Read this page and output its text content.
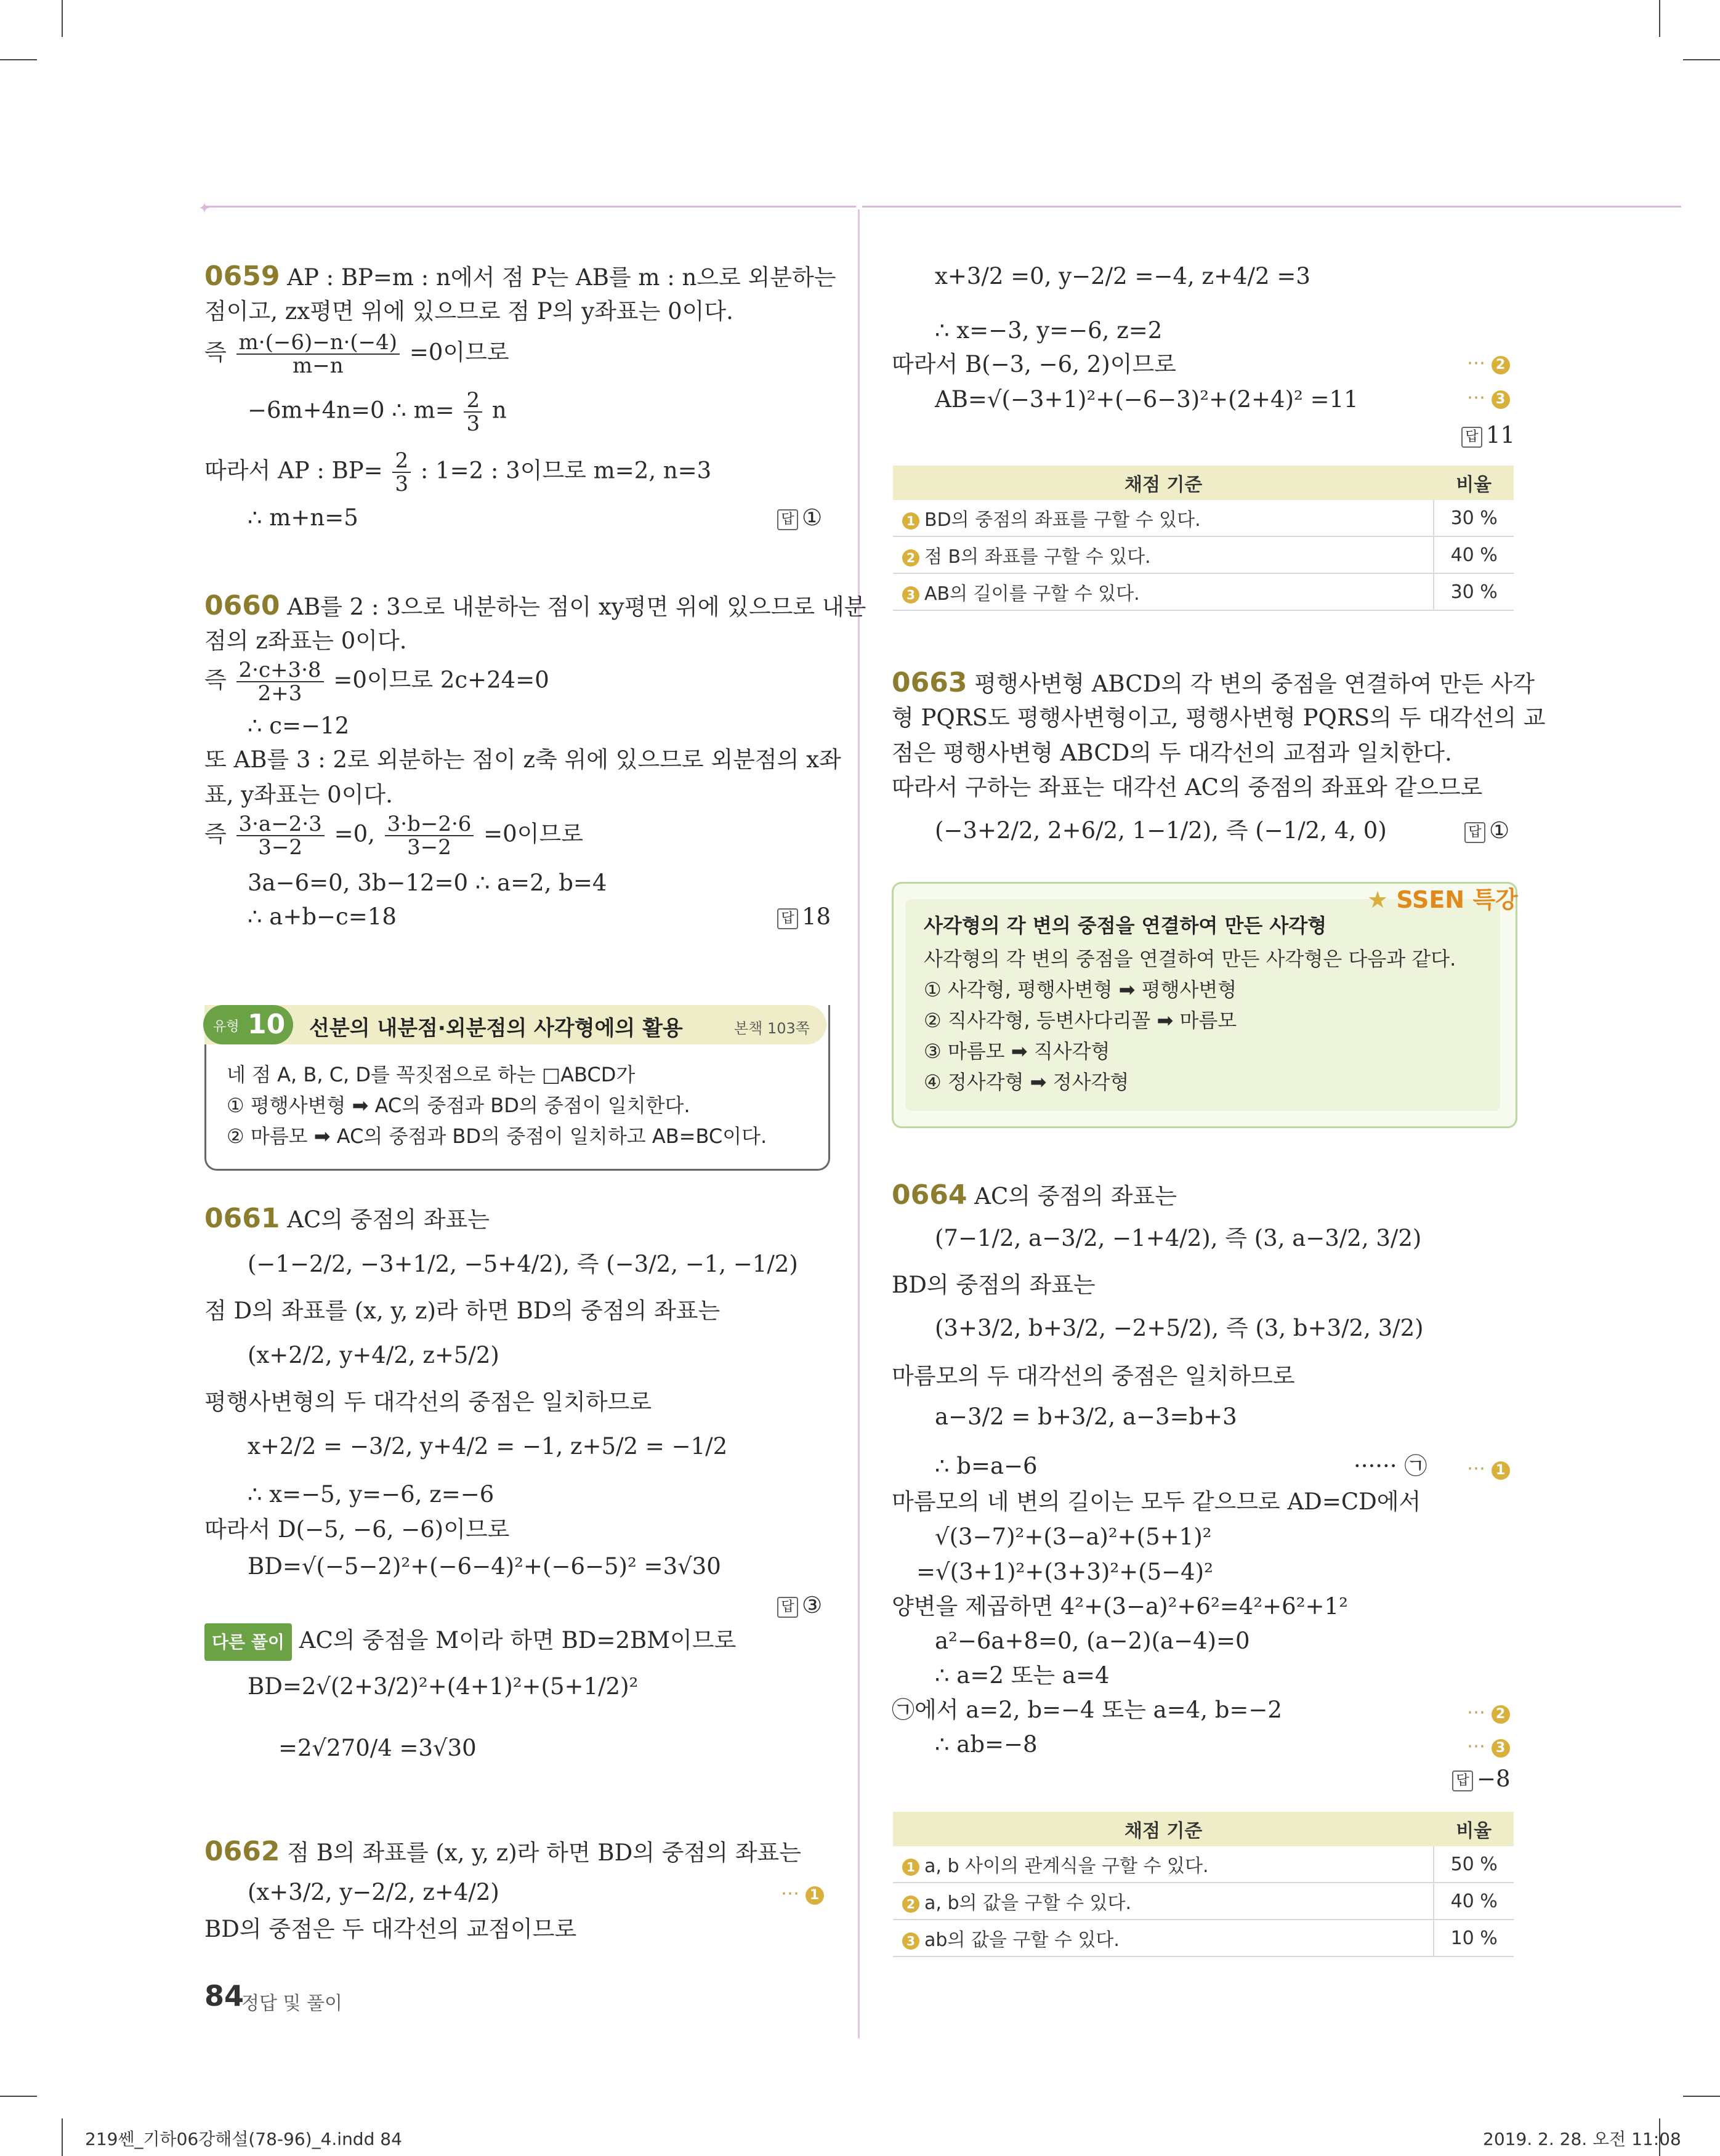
✦
0659 AP : BP=m : n에서 점 P는 AB를 m : n으로 외분하는
점이고, zx평면 위에 있으므로 점 P의 y좌표는 0이다.
즉 $\frac{m\cdot(-6)-n\cdot(-4)}{m-n} =0$이므로
−6m+4n=0 ∴ $m= \frac{2}{3}$ n
따라서 AP : $BP= \frac{2}{3}$ : 1=2 : 3이므로 m=2, n=3
∴ m+n=5	답 ①
0660 AB를 2 : 3으로 내분하는 점이 xy평면 위에 있으므로 내분
점의 z좌표는 0이다.
즉 $\frac{2\cdot c+3\cdot 8}{2+3} =0$이므로 2c+24=0
∴ c=−12
또 AB를 3 : 2로 외분하는 점이 z축 위에 있으므로 외분점의 x좌
표, y좌표는 0이다.
즉 $\frac{3\cdot a-2\cdot 3}{3-2} =0$, $\frac{3\cdot b-2\cdot 6}{3-2} =0$이므로
3a−6=0, 3b−12=0 ∴ a=2, b=4
∴ a+b−c=18	답 18
선분의 내분점·외분점의 사각형에의 활용	본책 103쪽
유형 10
네 점 A, B, C, D를 꼭짓점으로 하는 □ABCD가
① 평행사변형 ➡ AC의 중점과 BD의 중점이 일치한다.
② 마름모 ➡ AC의 중점과 BD의 중점이 일치하고 AB=BC이다.
0661 AC의 중점의 좌표는
(−1−2/2, −3+1/2, −5+4/2), 즉 (−3/2, −1, −1/2)
점 D의 좌표를 (x, y, z)라 하면 BD의 중점의 좌표는
(x+2/2, y+4/2, z+5/2)
평행사변형의 두 대각선의 중점은 일치하므로
x+2/2 = −3/2, y+4/2 = −1, z+5/2 = −1/2
∴ x=−5, y=−6, z=−6
따라서 D(−5, −6, −6)이므로
BD=√(−5−2)²+(−6−4)²+(−6−5)² =3√30
답 ③
다른 풀이 AC의 중점을 M이라 하면 BD=2BM이므로
BD=2√(2+3/2)²+(4+1)²+(5+1/2)²
=2√270/4 =3√30
0662 점 B의 좌표를 (x, y, z)라 하면 BD의 중점의 좌표는
(x+3/2, y−2/2, z+4/2)
BD의 중점은 두 대각선의 교점이므로
⋯ 1
84
정답 및 풀이
x+3/2 =0, y−2/2 =−4, z+4/2 =3
∴ x=−3, y=−6, z=2
따라서 B(−3, −6, 2)이므로
AB=√(−3+1)²+(−6−3)²+(2+4)² =11
답 11
⋯ 2
⋯ 3
채점 기준	비율
1 BD의 중점의 좌표를 구할 수 있다.	30 %
2 점 B의 좌표를 구할 수 있다.	40 %
3 AB의 길이를 구할 수 있다.	30 %
0663 평행사변형 ABCD의 각 변의 중점을 연결하여 만든 사각
형 PQRS도 평행사변형이고, 평행사변형 PQRS의 두 대각선의 교
점은 평행사변형 ABCD의 두 대각선의 교점과 일치한다.
따라서 구하는 좌표는 대각선 AC의 중점의 좌표와 같으므로
(−3+2/2, 2+6/2, 1−1/2), 즉 (−1/2, 4, 0)	답 ①
★ SSEN 특강
사각형의 각 변의 중점을 연결하여 만든 사각형
사각형의 각 변의 중점을 연결하여 만든 사각형은 다음과 같다.
① 사각형, 평행사변형 ➡ 평행사변형
② 직사각형, 등변사다리꼴 ➡ 마름모
③ 마름모 ➡ 직사각형
④ 정사각형 ➡ 정사각형
0664 AC의 중점의 좌표는
(7−1/2, a−3/2, −1+4/2), 즉 (3, a−3/2, 3/2)
BD의 중점의 좌표는
(3+3/2, b+3/2, −2+5/2), 즉 (3, b+3/2, 3/2)
마름모의 두 대각선의 중점은 일치하므로
a−3/2 = b+3/2, a−3=b+3
∴ b=a−6	······ ㉠
마름모의 네 변의 길이는 모두 같으므로 AD=CD에서
√(3−7)²+(3−a)²+(5+1)²
=√(3+1)²+(3+3)²+(5−4)²
양변을 제곱하면 4²+(3−a)²+6²=4²+6²+1²
a²−6a+8=0, (a−2)(a−4)=0
∴ a=2 또는 a=4
㉠에서 a=2, b=−4 또는 a=4, b=−2
∴ ab=−8
답 −8
⋯ 1
⋯ 2
⋯ 3
채점 기준	비율
1 a, b 사이의 관계식을 구할 수 있다.	50 %
2 a, b의 값을 구할 수 있다.	40 %
3 ab의 값을 구할 수 있다.	10 %
219쎈_기하06강해설(78-96)_4.indd 84	2019. 2. 28. 오전 11:08
